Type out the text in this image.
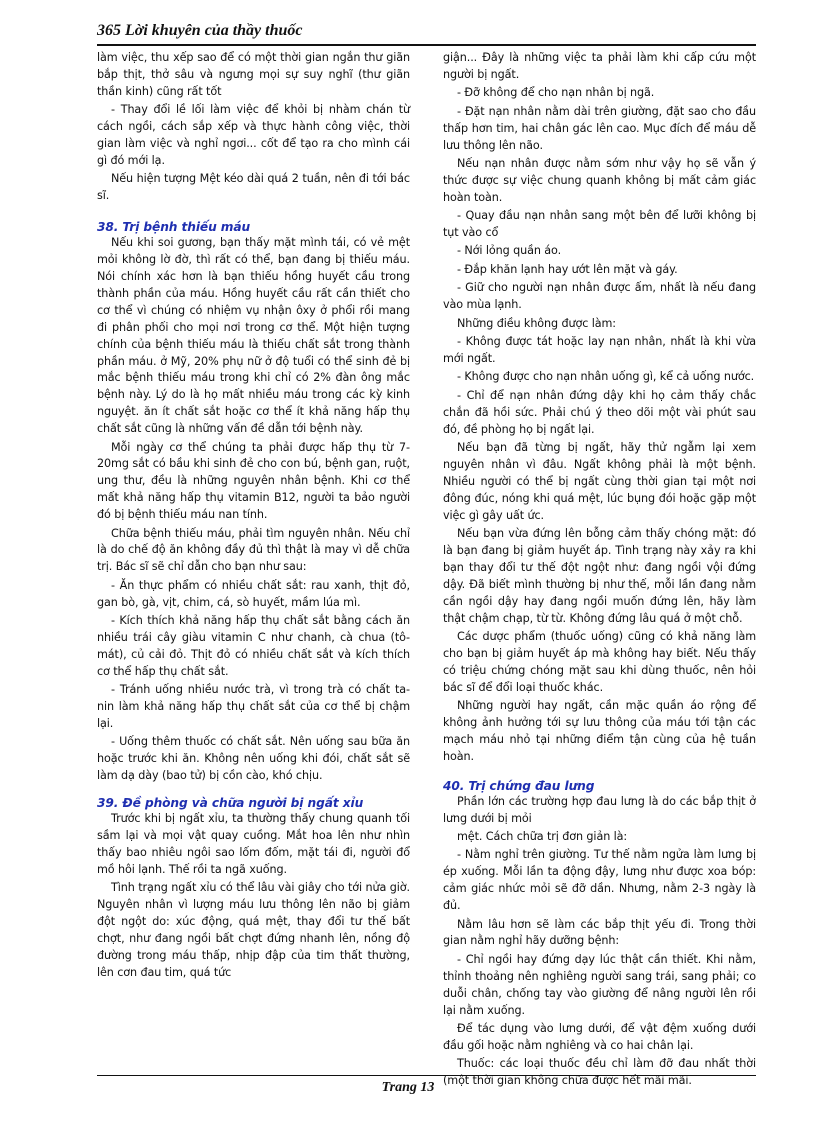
365 Lời khuyên của thầy thuốc

làm việc, thu xếp sao để có một thời gian ngắn thư giãn bắp thịt, thở sâu và ngưng mọi sự suy nghĩ (thư giãn thần kinh) cũng rất tốt

- Thay đổi lề lối làm việc để khỏi bị nhàm chán từ cách ngồi, cách sắp xếp và thực hành công việc, thời gian làm việc và nghỉ ngơi... cốt để tạo ra cho mình cái gì đó mới lạ.

Nếu hiện tượng Mệt kéo dài quá 2 tuần, nên đi tới bác sĩ.

38. Trị bệnh thiếu máu

Nếu khi soi gương, bạn thấy mặt mình tái, có vẻ mệt mỏi không lờ đờ, thì rất có thể, bạn đang bị thiếu máu. Nói chính xác hơn là bạn thiếu hồng huyết cầu trong thành phần của máu. Hồng huyết cầu rất cần thiết cho cơ thể vì chúng có nhiệm vụ nhận ôxy ở phổi rồi mang đi phân phối cho mọi nơi trong cơ thể. Một hiện tượng chính của bệnh thiếu máu là thiếu chất sắt trong thành phần máu. ở Mỹ, 20% phụ nữ ở độ tuổi có thể sinh đẻ bị mắc bệnh thiếu máu trong khi chỉ có 2% đàn ông mắc bệnh này. Lý do là họ mất nhiều máu trong các kỳ kinh nguyệt. ăn ít chất sắt hoặc cơ thể ít khả năng hấp thụ chất sắt cũng là những vấn đề dẫn tới bệnh này.

Mỗi ngày cơ thể chúng ta phải được hấp thụ từ 7-20mg sắt có bầu khi sinh đẻ cho con bú, bệnh gan, ruột, ung thư, đều là những nguyên nhân bệnh. Khi cơ thể mất khả năng hấp thụ vitamin B12, người ta bảo người đó bị bệnh thiếu máu nan tính.

Chữa bệnh thiếu máu, phải tìm nguyên nhân. Nếu chỉ là do chế độ ăn không đầy đủ thì thật là may vì dễ chữa trị. Bác sĩ sẽ chỉ dẫn cho bạn như sau:

- Ăn thực phẩm có nhiều chất sắt: rau xanh, thịt đỏ, gan bò, gà, vịt, chim, cá, sò huyết, mầm lúa mì.

- Kích thích khả năng hấp thụ chất sắt bằng cách ăn nhiều trái cây giàu vitamin C như chanh, cà chua (tô-mát), củ cải đỏ. Thịt đỏ có nhiều chất sắt và kích thích cơ thể hấp thụ chất sắt.

- Tránh uống nhiều nước trà, vì trong trà có chất ta-nin làm khả năng hấp thụ chất sắt của cơ thể bị chậm lại.

- Uống thêm thuốc có chất sắt. Nên uống sau bữa ăn hoặc trước khi ăn. Không nên uống khi đói, chất sắt sẽ làm dạ dày (bao tử) bị cồn cào, khó chịu.

39. Đề phòng và chữa người bị ngất xỉu

Trước khi bị ngất xỉu, ta thường thấy chung quanh tối sầm lại và mọi vật quay cuồng. Mắt hoa lên như nhìn thấy bao nhiêu ngôi sao lốm đốm, mặt tái đi, người đổ mồ hôi lạnh. Thế rồi ta ngã xuống.

Tình trạng ngất xỉu có thể lâu vài giây cho tới nửa giờ. Nguyên nhân vì lượng máu lưu thông lên não bị giảm đột ngột do: xúc động, quá mệt, thay đổi tư thế bất chợt, như đang ngồi bất chợt đứng nhanh lên, nồng độ đường trong máu thấp, nhịp đập của tim thất thường, lên cơn đau tim, quá tức

giận... Đây là những việc ta phải làm khi cấp cứu một người bị ngất.

- Đỡ không để cho nạn nhân bị ngã.

- Đặt nạn nhân nằm dài trên giường, đặt sao cho đầu thấp hơn tim, hai chân gác lên cao. Mục đích để máu dễ lưu thông lên não.

Nếu nạn nhân được nằm sớm như vậy họ sẽ vẫn ý thức được sự việc chung quanh không bị mất cảm giác hoàn toàn.

- Quay đầu nạn nhân sang một bên để lưỡi không bị tụt vào cổ

- Nới lỏng quần áo.

- Đắp khăn lạnh hay ướt lên mặt và gáy.

- Giữ cho người nạn nhân được ấm, nhất là nếu đang vào mùa lạnh.

Những điều không được làm:

- Không được tát hoặc lay nạn nhân, nhất là khi vừa mới ngất.

- Không được cho nạn nhân uống gì, kể cả uống nước.

- Chỉ để nạn nhân đứng dậy khi họ cảm thấy chắc chắn đã hồi sức. Phải chú ý theo dõi một vài phút sau đó, đề phòng họ bị ngất lại.

Nếu bạn đã từng bị ngất, hãy thử ngẫm lại xem nguyên nhân vì đâu. Ngất không phải là một bệnh. Nhiều người có thể bị ngất cùng thời gian tại một nơi đông đúc, nóng khi quá mệt, lúc bụng đói hoặc gặp một việc gì gây uất ức.

Nếu bạn vừa đứng lên bỗng cảm thấy chóng mặt: đó là bạn đang bị giảm huyết áp. Tình trạng này xảy ra khi bạn thay đổi tư thế đột ngột như: đang ngồi vội đứng dậy. Đã biết mình thường bị như thế, mỗi lần đang nằm cần ngồi dậy hay đang ngồi muốn đứng lên, hãy làm thật chậm chạp, từ từ. Không đứng lâu quá ở một chỗ.

Các dược phẩm (thuốc uống) cũng có khả năng làm cho bạn bị giảm huyết áp mà không hay biết. Nếu thấy có triệu chứng chóng mặt sau khi dùng thuốc, nên hỏi bác sĩ để đổi loại thuốc khác.

Những người hay ngất, cần mặc quần áo rộng để không ảnh hưởng tới sự lưu thông của máu tới tận các mạch máu nhỏ tại những điểm tận cùng của hệ tuần hoàn.

40. Trị chứng đau lưng

Phần lớn các trường hợp đau lưng là do các bắp thịt ở lưng dưới bị mỏi

mệt. Cách chữa trị đơn giản là:

- Nằm nghỉ trên giường. Tư thế nằm ngửa làm lưng bị ép xuống. Mỗi lần ta động đậy, lưng như được xoa bóp: cảm giác nhức mỏi sẽ đỡ dần. Nhưng, nằm 2-3 ngày là đủ.

Nằm lâu hơn sẽ làm các bắp thịt yếu đi. Trong thời gian nằm nghỉ hãy dưỡng bệnh:

- Chỉ ngồi hay đứng dạy lúc thật cần thiết. Khi nằm, thỉnh thoảng nên nghiêng người sang trái, sang phải; co duỗi chân, chống tay vào giường để nâng người lên rồi lại nằm xuống.

Để tác dụng vào lưng dưới, để vật đệm xuống dưới đầu gối hoặc nằm nghiêng và co hai chân lại.

Thuốc: các loại thuốc đều chỉ làm đỡ đau nhất thời (một thời gian không chữa được hết mãi mãi.

Trang 13
